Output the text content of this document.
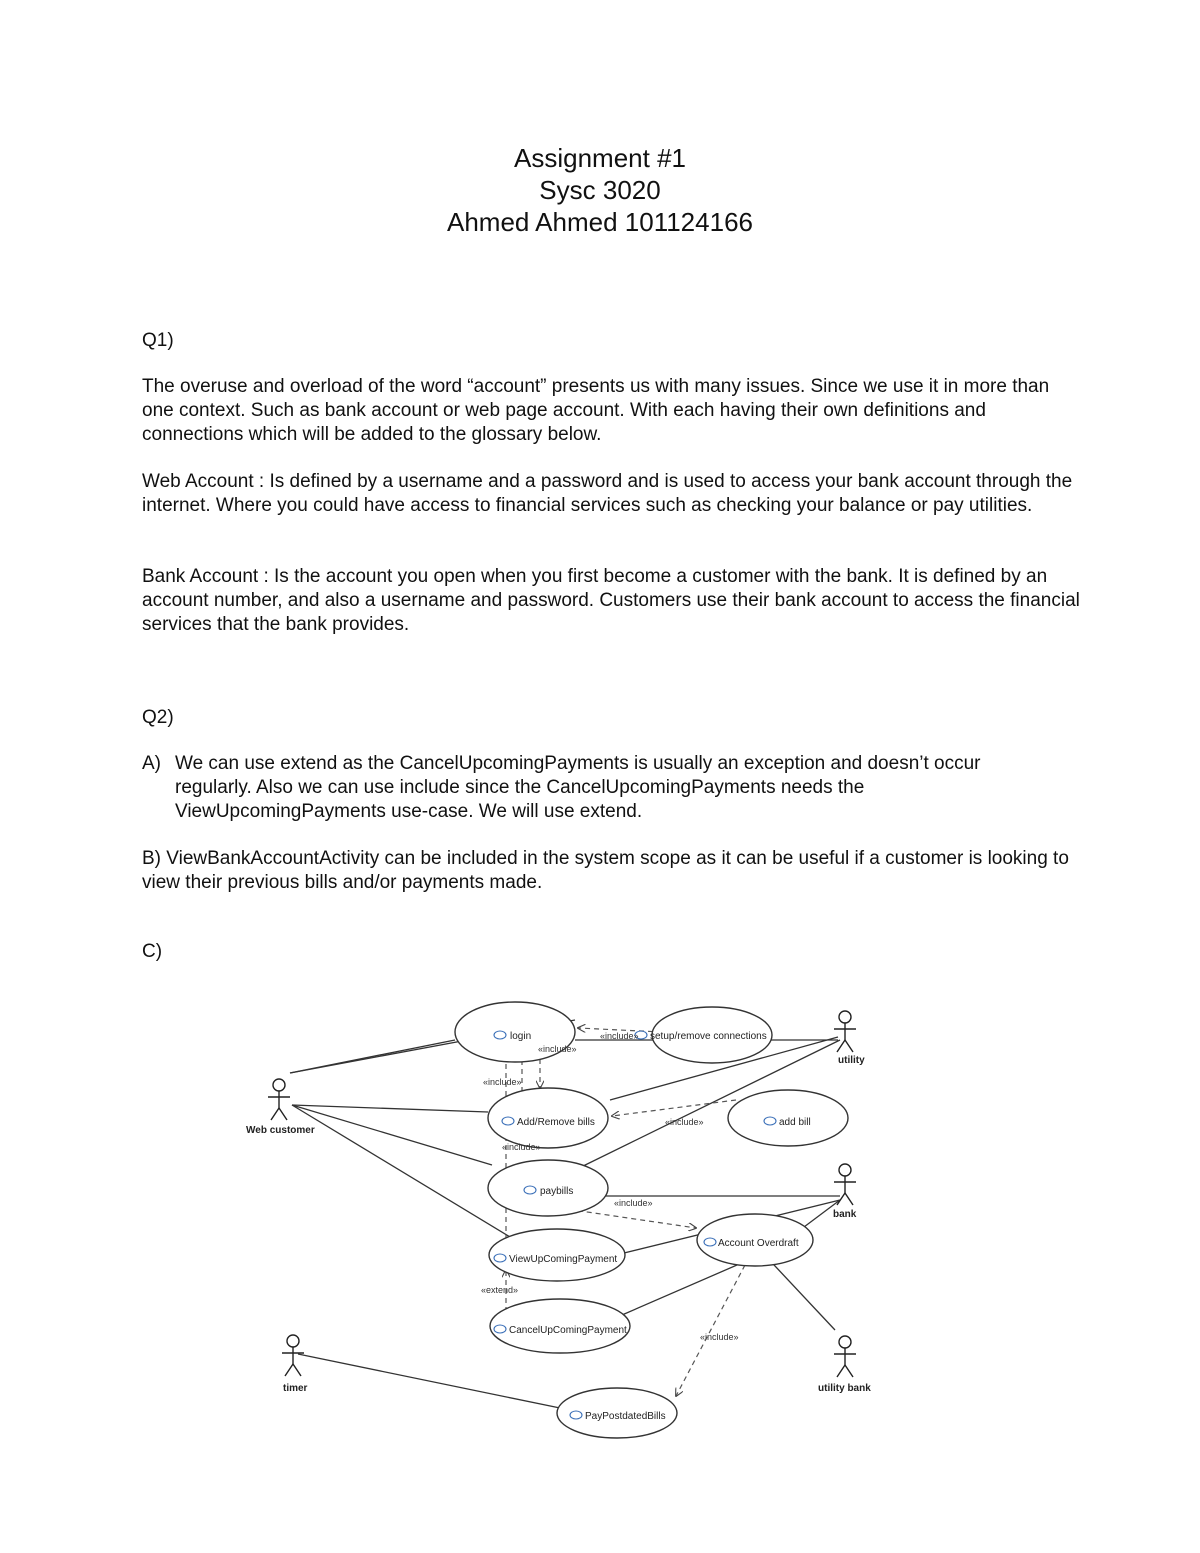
Assignment #1
Sysc 3020
Ahmed Ahmed 101124166
Q1)
The overuse and overload of the word “account” presents us with many issues. Since we use it in more than one context. Such as bank account or web page account. With each having their own definitions and connections which will be added to the glossary below.
Web Account : Is defined by a username and a password and is used to access your bank account through the internet. Where you could have access to financial services such as checking your balance or pay utilities.
Bank Account : Is the account you open when you first become a customer with the bank. It is defined by an account number, and also a username and password. Customers use their bank account to access the financial services that the bank provides.
Q2)
A) We can use extend as the CancelUpcomingPayments is usually an exception and doesn’t occur regularly. Also we can use include since the CancelUpcomingPayments needs the ViewUpcomingPayments use-case. We will use extend.
B) ViewBankAccountActivity can be included in the system scope as it can be useful if a customer is looking to view their previous bills and/or payments made.
C)
login	setup/remove connections
Add/Remove bills	add bill
paybills
Account Overdraft
ViewUpComingPayment
CancelUpComingPayment
PayPostdatedBills
«include»
«include»
«include»
«include»
«include»
«include»
«extend»
«include»
Web customer
utility
bank
utility bank
timer
